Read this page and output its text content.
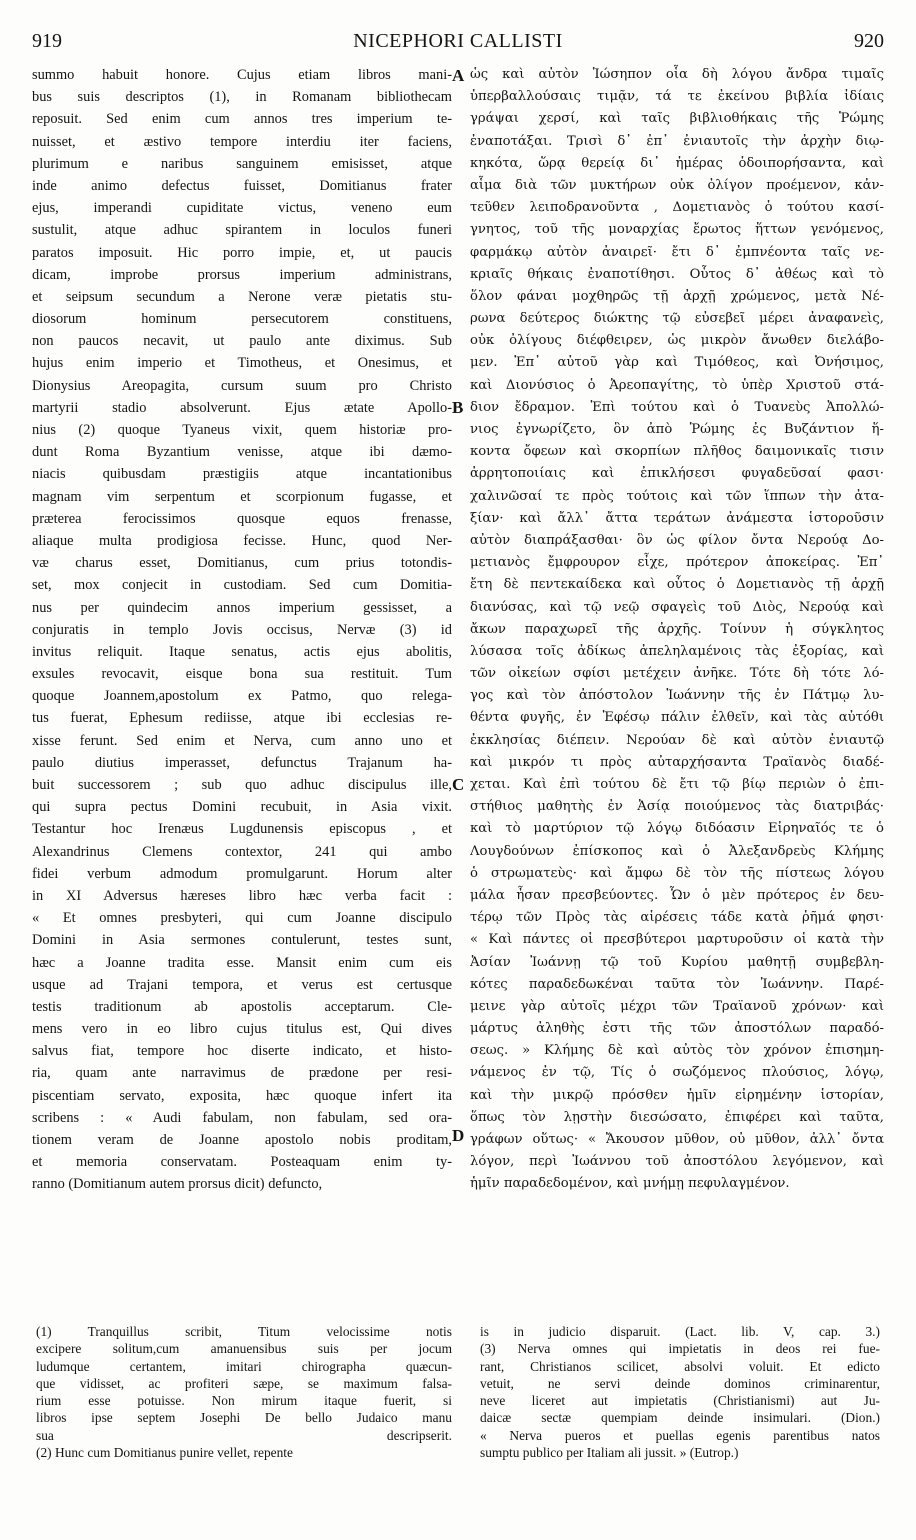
919	NICEPHORI CALLISTI	920
summo habuit honore. Cujus etiam libros mani-
bus suis descriptos (1), in Romanam bibliothecam
reposuit. Sed enim cum annos tres imperium te-
nuisset, et æstivo tempore interdiu iter faciens,
plurimum e naribus sanguinem emisisset, atque
inde animo defectus fuisset, Domitianus frater
ejus, imperandi cupiditate victus, veneno eum
sustulit, atque adhuc spirantem in loculos funeri
paratos imposuit. Hic porro impie, et, ut paucis
dicam, improbe prorsus imperium administrans,
et seipsum secundum a Nerone veræ pietatis stu-
diosorum hominum persecutorem constituens,
non paucos necavit, ut paulo ante diximus. Sub
hujus enim imperio et Timotheus, et Onesimus, et
Dionysius Areopagita, cursum suum pro Christo
martyrii stadio absolverunt. Ejus ætate Apollo-
nius (2) quoque Tyaneus vixit, quem historiæ pro-
dunt Roma Byzantium venisse, atque ibi dæmo-
niacis quibusdam præstigiis atque incantationibus
magnam vim serpentum et scorpionum fugasse, et
præterea ferocissimos quosque equos frenasse,
aliaque multa prodigiosa fecisse. Hunc, quod Ner-
væ charus esset, Domitianus, cum prius totondis-
set, mox conjecit in custodiam. Sed cum Domitia-
nus per quindecim annos imperium gessisset, a
conjuratis in templo Jovis occisus, Nervæ (3) id
invitus reliquit. Itaque senatus, actis ejus abolitis,
exsules revocavit, eisque bona sua restituit. Tum
quoque Joannem,apostolum ex Patmo, quo relega-
tus fuerat, Ephesum rediisse, atque ibi ecclesias re-
xisse ferunt. Sed enim et Nerva, cum anno uno et
paulo diutius imperasset, defunctus Trajanum ha-
buit successorem ; sub quo adhuc discipulus ille,
qui supra pectus Domini recubuit, in Asia vixit.
Testantur hoc Irenæus Lugdunensis episcopus , et
Alexandrinus Clemens contextor, 241 qui ambo
fidei verbum admodum promulgarunt. Horum alter
in XI Adversus hæreses libro hæc verba facit :
« Et omnes presbyteri, qui cum Joanne discipulo
Domini in Asia sermones contulerunt, testes sunt,
hæc a Joanne tradita esse. Mansit enim cum eis
usque ad Trajani tempora, et verus est certusque
testis traditionum ab apostolis acceptarum. Cle-
mens vero in eo libro cujus titulus est, Qui dives
salvus fiat, tempore hoc diserte indicato, et histo-
ria, quam ante narravimus de prædone per resi-
piscentiam servato, exposita, hæc quoque infert ita
scribens : « Audi fabulam, non fabulam, sed ora-
tionem veram de Joanne apostolo nobis proditam,
et memoria conservatam. Posteaquam enim ty-
ranno (Domitianum autem prorsus dicit) defuncto,
ὡς καὶ αὐτὸν Ἰώσηπον οἷα δὴ λόγου ἄνδρα τιμαῖς
ὑπερβαλλούσαις τιμᾷν, τά τε ἐκείνου βιβλία ἰδίαις
γράψαι χερσί, καὶ ταῖς βιβλιοθήκαις τῆς Ῥώμης
ἐναποτάξαι. Τρισὶ δ᾿ ἐπ᾿ ἐνιαυτοῖς τὴν ἀρχὴν διῳ-
κηκότα, ὥρᾳ θερείᾳ δι᾿ ἡμέρας ὁδοιπορήσαντα, καὶ
αἷμα διὰ τῶν μυκτήρων οὐκ ὀλίγον προέμενον, κἀν-
τεῦθεν λειποδρανοῦντα , Δομετιανὸς ὁ τούτου κασί-
γνητος, τοῦ τῆς μοναρχίας ἔρωτος ἥττων γενόμενος,
φαρμάκῳ αὐτὸν ἀναιρεῖ· ἔτι δ᾿ ἐμπνέοντα ταῖς νε-
κριαῖς θήκαις ἐναποτίθησι. Οὗτος δ᾿ ἀθέως καὶ τὸ
ὅλον φάναι μοχθηρῶς τῇ ἀρχῇ χρώμενος, μετὰ Νέ-
ρωνα δεύτερος διώκτης τῷ εὐσεβεῖ μέρει ἀναφανεὶς,
οὐκ ὀλίγους διέφθειρεν, ὡς μικρὸν ἄνωθεν διελάβο-
μεν. Ἐπ᾿ αὐτοῦ γὰρ καὶ Τιμόθεος, καὶ Ὀνήσιμος,
καὶ Διονύσιος ὁ Ἀρεοπαγίτης, τὸ ὑπὲρ Χριστοῦ στά-
διον ἔδραμον. Ἐπὶ τούτου καὶ ὁ Τυανεὺς Ἀπολλώ-
νιος ἐγνωρίζετο, ὃν ἀπὸ Ῥώμης ἐς Βυζάντιον ἥ-
κοντα ὄφεων καὶ σκορπίων πλῆθος δαιμονικαῖς τισιν
ἀρρητοποιίαις καὶ ἐπικλήσεσι φυγαδεῦσαί φασι·
χαλινῶσαί τε πρὸς τούτοις καὶ τῶν ἵππων τὴν ἀτα-
ξίαν· καὶ ἄλλ᾿ ἄττα τεράτων ἀνάμεστα ἱστοροῦσιν
αὐτὸν διαπράξασθαι· ὃν ὡς φίλον ὄντα Νερούᾳ Δο-
μετιανὸς ἔμφρουρον εἶχε, πρότερον ἀποκείρας. Ἐπ᾿
ἔτη δὲ πεντεκαίδεκα καὶ οὗτος ὁ Δομετιανὸς τῇ ἀρχῇ
διανύσας, καὶ τῷ νεῷ σφαγεὶς τοῦ Διὸς, Νερούᾳ καὶ
ἄκων παραχωρεῖ τῆς ἀρχῆς. Τοίνυν ἡ σύγκλητος
λύσασα τοῖς ἀδίκως ἀπεληλαμένοις τὰς ἐξορίας, καὶ
τῶν οἰκείων σφίσι μετέχειν ἀνῆκε. Τότε δὴ τότε λό-
γος καὶ τὸν ἀπόστολον Ἰωάννην τῆς ἐν Πάτμῳ λυ-
θέντα φυγῆς, ἐν Ἐφέσῳ πάλιν ἐλθεῖν, καὶ τὰς αὐτόθι
ἐκκλησίας διέπειν. Νερούαν δὲ καὶ αὐτὸν ἐνιαυτῷ
καὶ μικρόν τι πρὸς αὐταρχήσαντα Τραϊανὸς διαδέ-
χεται. Καὶ ἐπὶ τούτου δὲ ἔτι τῷ βίῳ περιὼν ὁ ἐπι-
στήθιος μαθητὴς ἐν Ἀσίᾳ ποιούμενος τὰς διατριβάς·
καὶ τὸ μαρτύριον τῷ λόγῳ διδόασιν Εἰρηναῖός τε ὁ
Λουγδούνων ἐπίσκοπος καὶ ὁ Ἀλεξανδρεὺς Κλήμης
ὁ στρωματεὺς· καὶ ἄμφω δὲ τὸν τῆς πίστεως λόγου
μάλα ἦσαν πρεσβεύοντες. Ὧν ὁ μὲν πρότερος ἐν δευ-
τέρῳ τῶν Πρὸς τὰς αἱρέσεις τάδε κατὰ ῥῆμά φησι·
« Καὶ πάντες οἱ πρεσβύτεροι μαρτυροῦσιν οἱ κατὰ τὴν
Ἀσίαν Ἰωάννῃ τῷ τοῦ Κυρίου μαθητῇ συμβεβλη-
κότες παραδεδωκέναι ταῦτα τὸν Ἰωάννην. Παρέ-
μεινε γὰρ αὐτοῖς μέχρι τῶν Τραϊανοῦ χρόνων· καὶ
μάρτυς ἀληθὴς ἐστι τῆς τῶν ἀποστόλων παραδό-
σεως. » Κλήμης δὲ καὶ αὐτὸς τὸν χρόνον ἐπισημη-
νάμενος ἐν τῷ, Τίς ὁ σωζόμενος πλούσιος, λόγῳ,
καὶ τὴν μικρῷ πρόσθεν ἡμῖν εἰρημένην ἱστορίαν,
ὅπως τὸν λῃστὴν διεσώσατο, ἐπιφέρει καὶ ταῦτα,
γράφων οὕτως· « Ἄκουσον μῦθον, οὐ μῦθον, ἀλλ᾿ ὄντα
λόγον, περὶ Ἰωάννου τοῦ ἀποστόλου λεγόμενον, καὶ
ἡμῖν παραδεδομένον, καὶ μνήμῃ πεφυλαγμένον.
A
B
C
D
(1) Tranquillus scribit, Titum velocissime notis
excipere solitum,cum amanuensibus suis per jocum
ludumque certantem, imitari chirographa quæcun-
que vidisset, ac profiteri sæpe, se maximum falsa-
rium esse potuisse. Non mirum itaque fuerit, si
libros ipse septem Josephi De bello Judaico manu
sua descripserit.
(2) Hunc cum Domitianus punire vellet, repente
is in judicio disparuit. (Lact. lib. V, cap. 3.)
(3) Nerva omnes qui impietatis in deos rei fue-
rant, Christianos scilicet, absolvi voluit. Et edicto
vetuit, ne servi deinde dominos criminarentur,
neve liceret aut impietatis (Christianismi) aut Ju-
daicæ sectæ quempiam deinde insimulari. (Dion.)
« Nerva pueros et puellas egenis parentibus natos
sumptu publico per Italiam ali jussit. » (Eutrop.)
